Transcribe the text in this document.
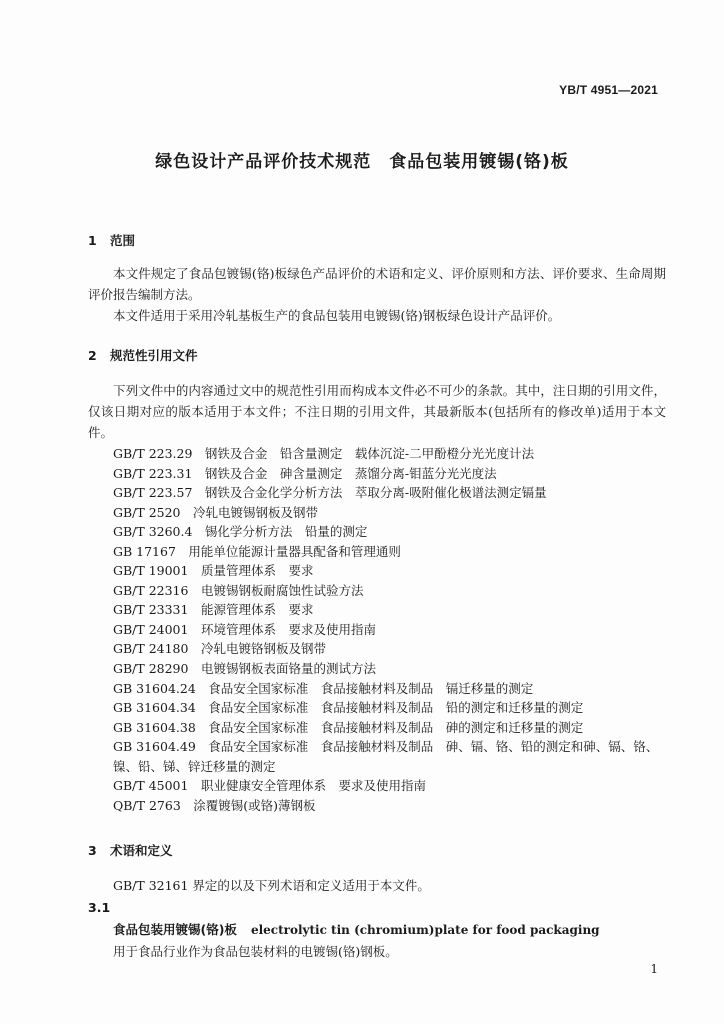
YB/T 4951—2021
绿色设计产品评价技术规范　食品包装用镀锡(铬)板
1 范围
本文件规定了食品包镀锡(铬)板绿色产品评价的术语和定义、评价原则和方法、评价要求、生命周期评价报告编制方法。
本文件适用于采用冷轧基板生产的食品包装用电镀锡(铬)钢板绿色设计产品评价。
2 规范性引用文件
下列文件中的内容通过文中的规范性引用而构成本文件必不可少的条款。其中，注日期的引用文件，仅该日期对应的版本适用于本文件；不注日期的引用文件，其最新版本(包括所有的修改单)适用于本文件。
GB/T 223.29　钢铁及合金　铅含量测定　载体沉淀-二甲酚橙分光光度计法
GB/T 223.31　钢铁及合金　砷含量测定　蒸馏分离-钼蓝分光光度法
GB/T 223.57　钢铁及合金化学分析方法　萃取分离-吸附催化极谱法测定镉量
GB/T 2520　冷轧电镀锡钢板及钢带
GB/T 3260.4　锡化学分析方法　铅量的测定
GB 17167　用能单位能源计量器具配备和管理通则
GB/T 19001　质量管理体系　要求
GB/T 22316　电镀锡钢板耐腐蚀性试验方法
GB/T 23331　能源管理体系　要求
GB/T 24001　环境管理体系　要求及使用指南
GB/T 24180　冷轧电镀铬钢板及钢带
GB/T 28290　电镀锡钢板表面铬量的测试方法
GB 31604.24　食品安全国家标准　食品接触材料及制品　镉迁移量的测定
GB 31604.34　食品安全国家标准　食品接触材料及制品　铅的测定和迁移量的测定
GB 31604.38　食品安全国家标准　食品接触材料及制品　砷的测定和迁移量的测定
GB 31604.49　食品安全国家标准　食品接触材料及制品　砷、镉、铬、铅的测定和砷、镉、铬、镍、铅、锑、锌迁移量的测定
GB/T 45001　职业健康安全管理体系　要求及使用指南
QB/T 2763　涂覆镀锡(或铬)薄钢板
3 术语和定义
GB/T 32161 界定的以及下列术语和定义适用于本文件。
3.1
食品包装用镀锡(铬)板 electrolytic tin (chromium)plate for food packaging
用于食品行业作为食品包装材料的电镀锡(铬)钢板。
1
